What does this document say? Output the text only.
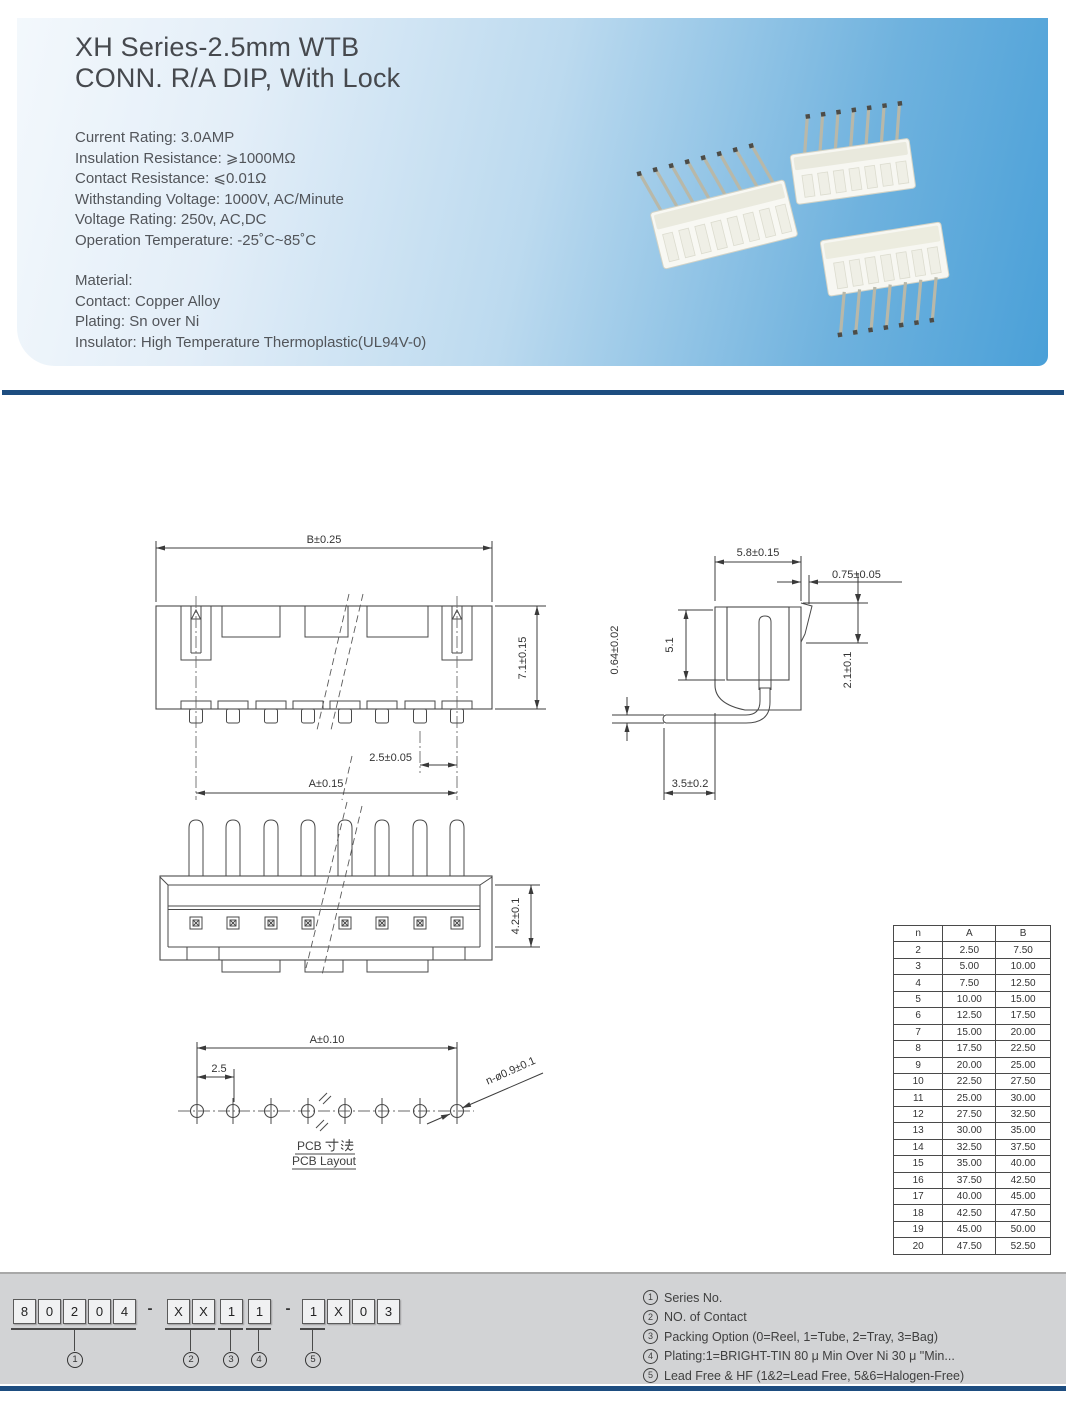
XH Series-2.5mm WTB
CONN. R/A DIP, With Lock
Current Rating: 3.0AMP
Insulation Resistance: ⩾1000MΩ
Contact Resistance: ⩽0.01Ω
Withstanding Voltage: 1000V, AC/Minute
Voltage Rating: 250v, AC,DC
Operation Temperature: -25˚C~85˚C
Material:
Contact: Copper Alloy
Plating: Sn over Ni
Insulator: High Temperature Thermoplastic(UL94V-0)
B±0.25
7.1±0.15
2.5±0.05
A±0.15
5.8±0.15
0.75±0.05
5.1
0.64±0.02	2.1±0.1
3.5±0.2
4.2±0.1
A±0.10
2.5	n-ø0.9±0.1
PCB
PCB Layout
n	A	B
2	2.50	7.50
3	5.00	10.00
4	7.50	12.50
5	10.00	15.00
6	12.50	17.50
7	15.00	20.00
8	17.50	22.50
9	20.00	25.00
10	22.50	27.50
11	25.00	30.00
12	27.50	32.50
13	30.00	35.00
14	32.50	37.50
15	35.00	40.00
16	37.50	42.50
17	40.00	45.00
18	42.50	47.50
19	45.00	50.00
20	47.50	52.50
8	0	2	0	4	X	X	1	1	1	X	0	3
-	-
1	2	3	4	5
1 Series No.
2 NO. of Contact
3 Packing Option (0=Reel, 1=Tube, 2=Tray, 3=Bag)
4 Plating:1=BRIGHT-TIN 80 μ Min Over Ni 30 μ "Min...
5 Lead Free & HF (1&2=Lead Free, 5&6=Halogen-Free)
